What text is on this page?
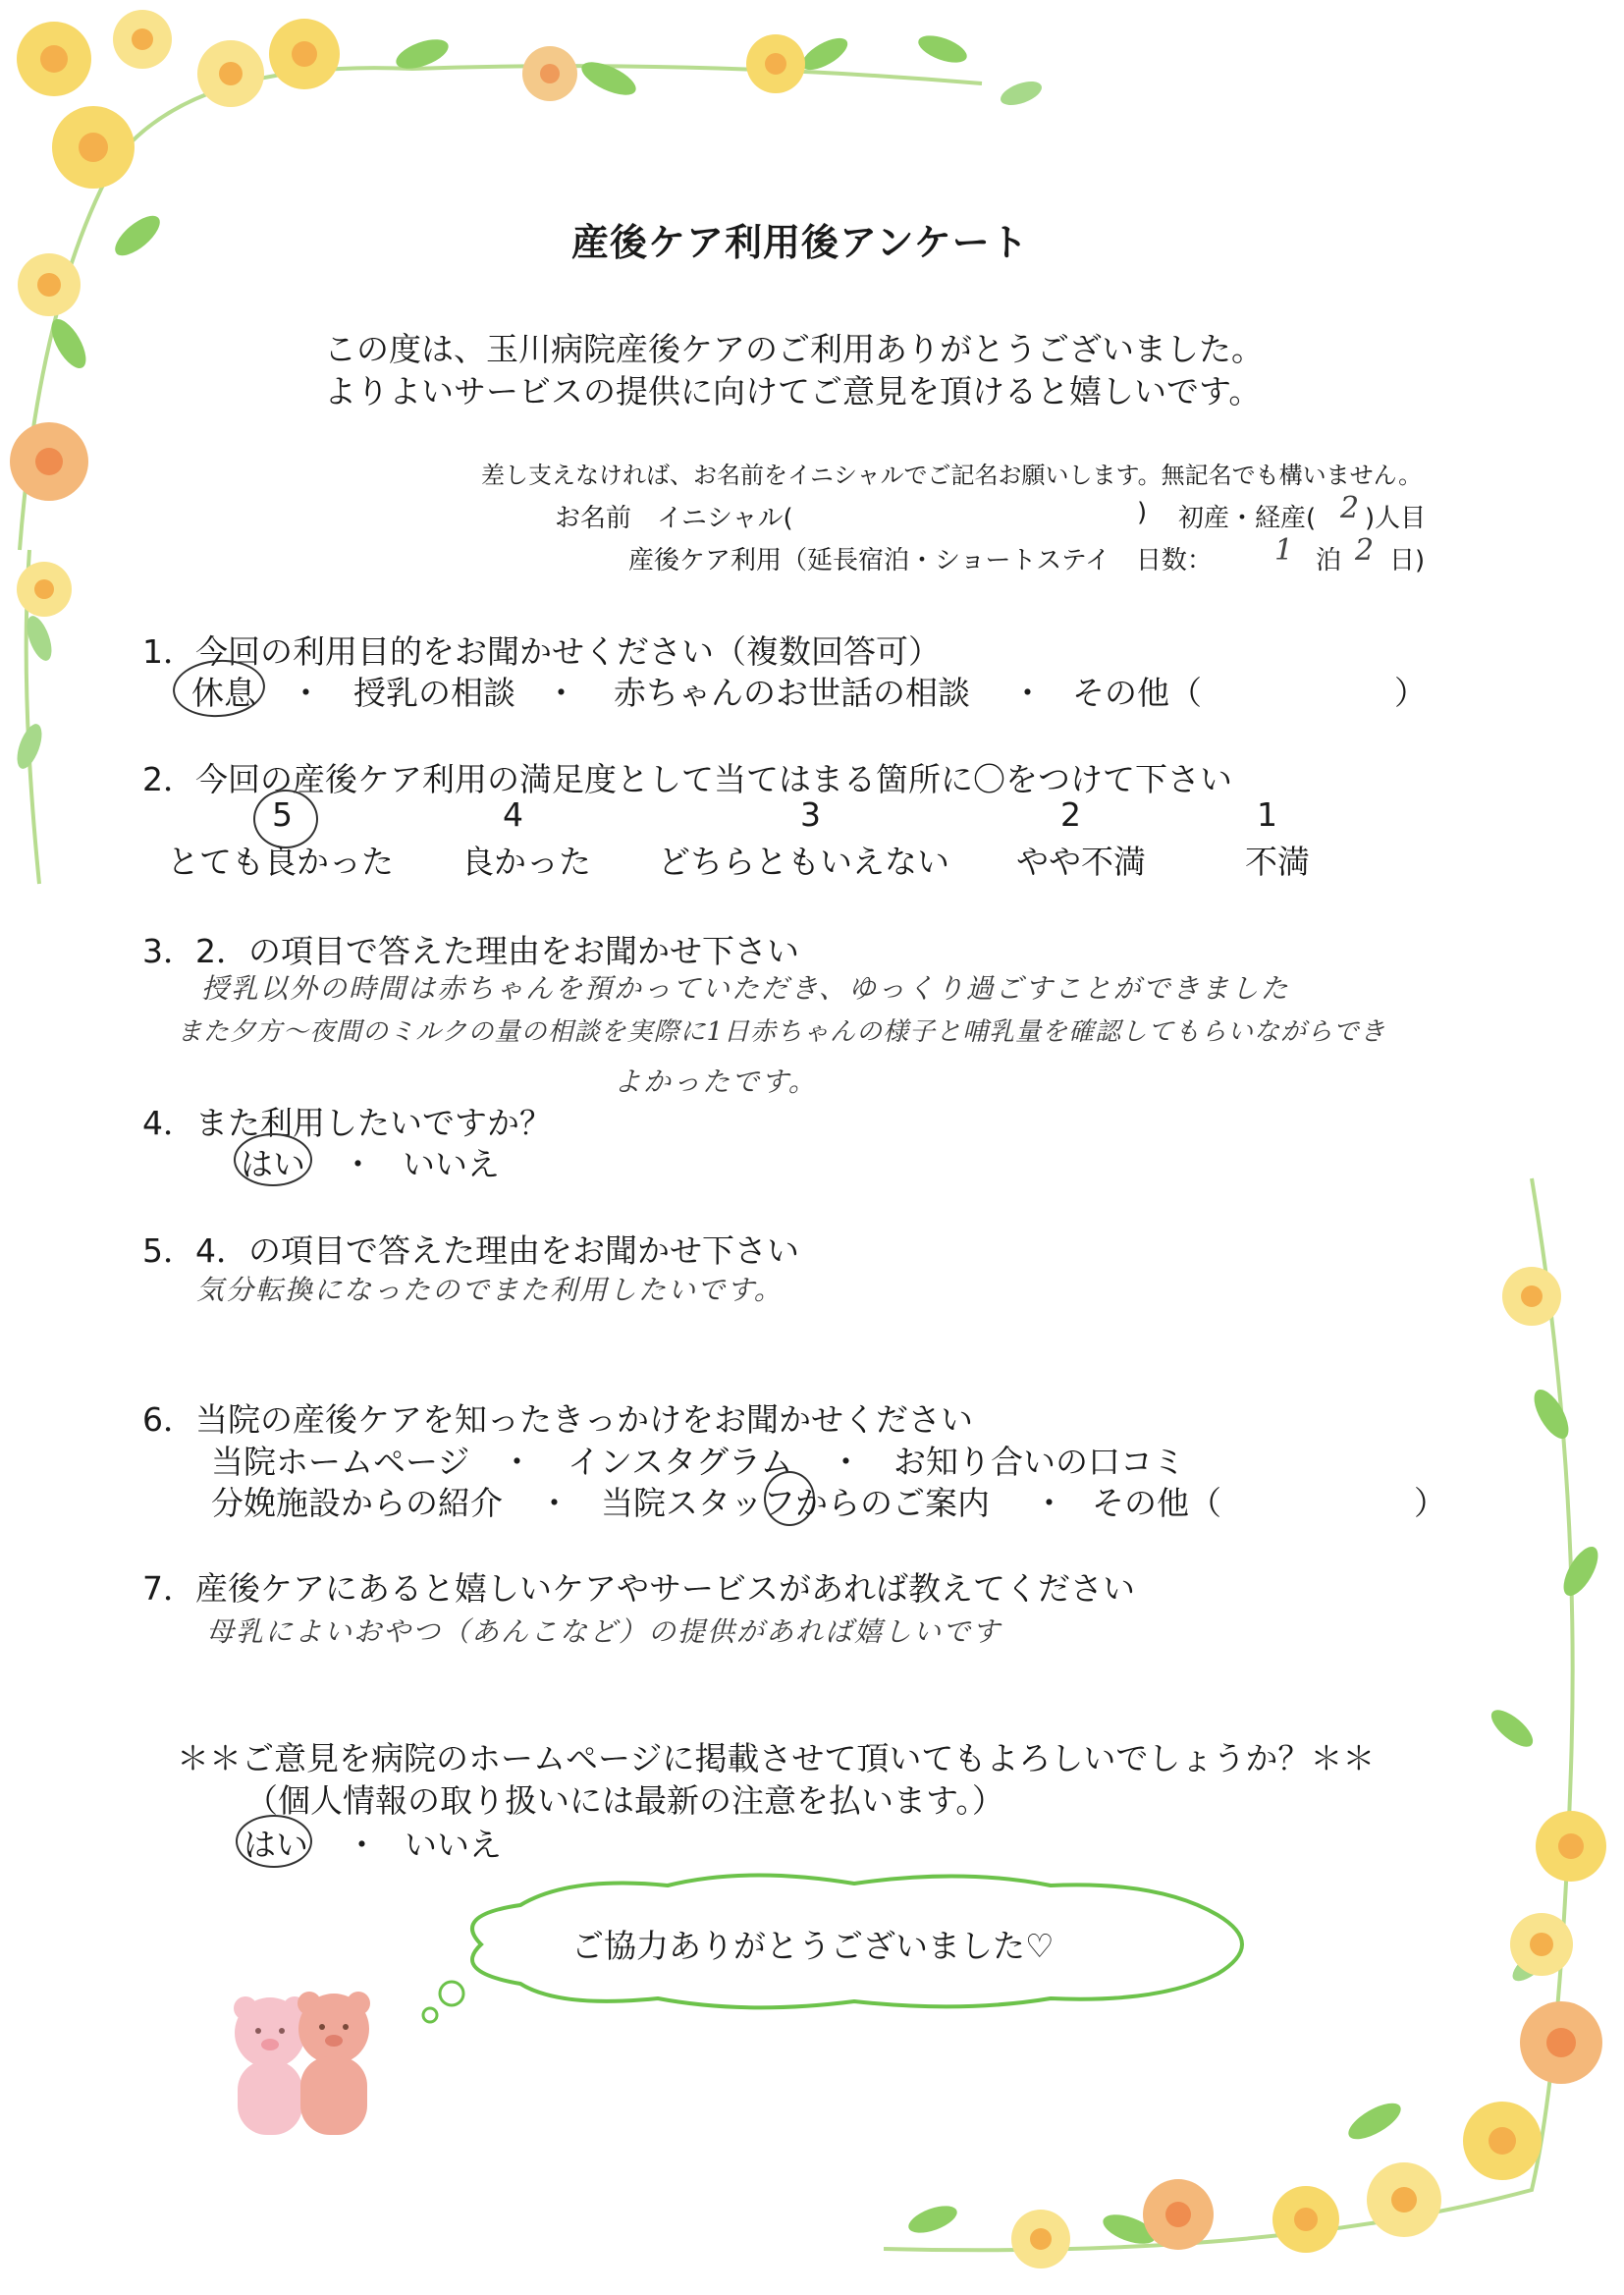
産後ケア利用後アンケート
この度は、玉川病院産後ケアのご利用ありがとうございました。
よりよいサービスの提供に向けてご意見を頂けると嬉しいです。
差し支えなければ、お名前をイニシャルでご記名お願いします。無記名でも構いません。
お名前　イニシャル(	) 初産・経産( 2 )人目
産後ケア利用（延長宿泊・ショートステイ　日数： 1 泊 2 日)
1．今回の利用目的をお聞かせください（複数回答可）
休息 ・ 授乳の相談 ・ 赤ちゃんのお世話の相談 ・ その他（	）
2．今回の産後ケア利用の満足度として当てはまる箇所に〇をつけて下さい
5	4	3	2	1
とても良かった 良かった どちらともいえない やや不満	不満
3．2．の項目で答えた理由をお聞かせ下さい
授乳以外の時間は赤ちゃんを預かっていただき、ゆっくり過ごすことができました
また夕方～夜間のミルクの量の相談を実際に1日赤ちゃんの様子と哺乳量を確認してもらいながらでき
よかったです。
4．また利用したいですか？
はい ・ いいえ
5．4．の項目で答えた理由をお聞かせ下さい
気分転換になったのでまた利用したいです。
6．当院の産後ケアを知ったきっかけをお聞かせください
当院ホームページ ・ インスタグラム ・ お知り合いの口コミ
分娩施設からの紹介 ・ 当院スタッフからのご案内 ・ その他（	）
7．産後ケアにあると嬉しいケアやサービスがあれば教えてください
母乳によいおやつ（あんこなど）の提供があれば嬉しいです
＊＊ご意見を病院のホームページに掲載させて頂いてもよろしいでしょうか？＊＊
（個人情報の取り扱いには最新の注意を払います。）
はい ・ いいえ
ご協力ありがとうございました♡
